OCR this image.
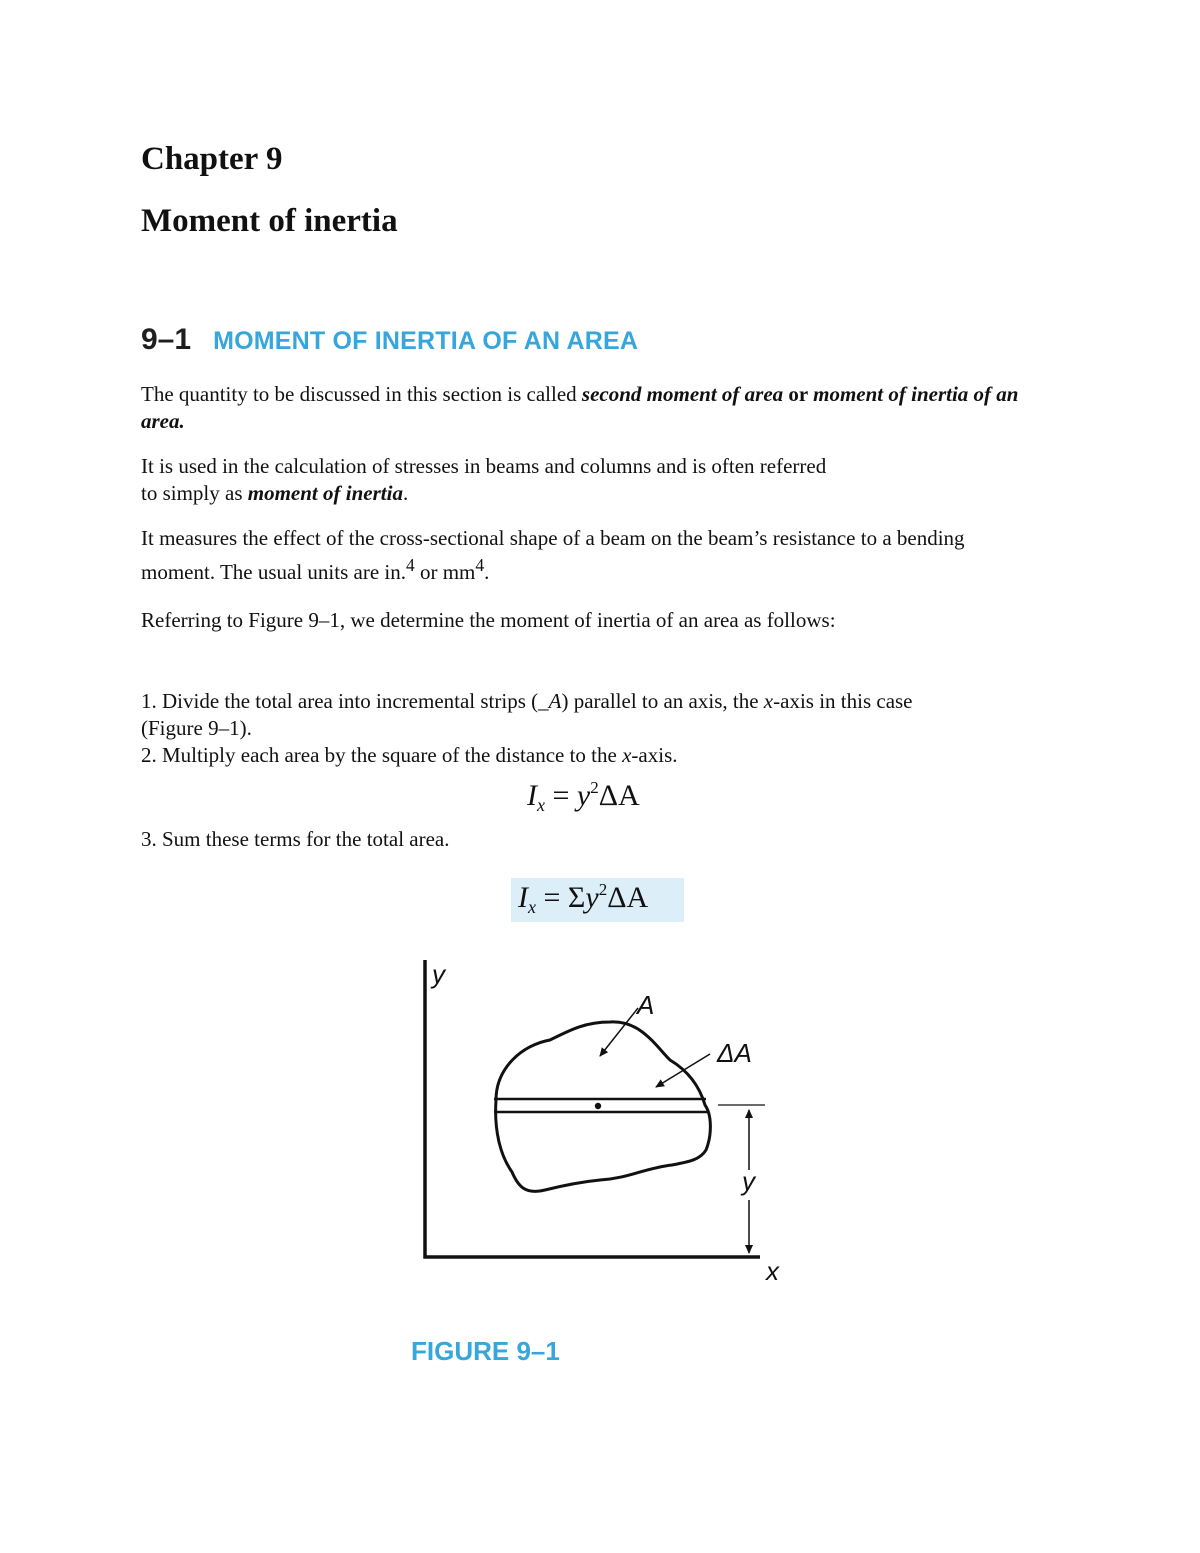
Chapter 9
Moment of inertia
9–1 MOMENT OF INERTIA OF AN AREA

The quantity to be discussed in this section is called second moment of area or moment of inertia of an area.

It is used in the calculation of stresses in beams and columns and is often referred to simply as moment of inertia.

It measures the effect of the cross-sectional shape of a beam on the beam’s resistance to a bending moment. The usual units are in.$^4$ or $mm^4$.

Referring to Figure 9–1, we determine the moment of inertia of an area as follows:

1. Divide the total area into incremental strips (_A) parallel to an axis, the x-axis in this case (Figure 9–1).
2. Multiply each area by the square of the distance to the x-axis.

$I_x = y^2\Delta A$

3. Sum these terms for the total area.

$I_x = \Sigma y^2\Delta A$
y
A
ΔA
y
x

FIGURE 9–1
